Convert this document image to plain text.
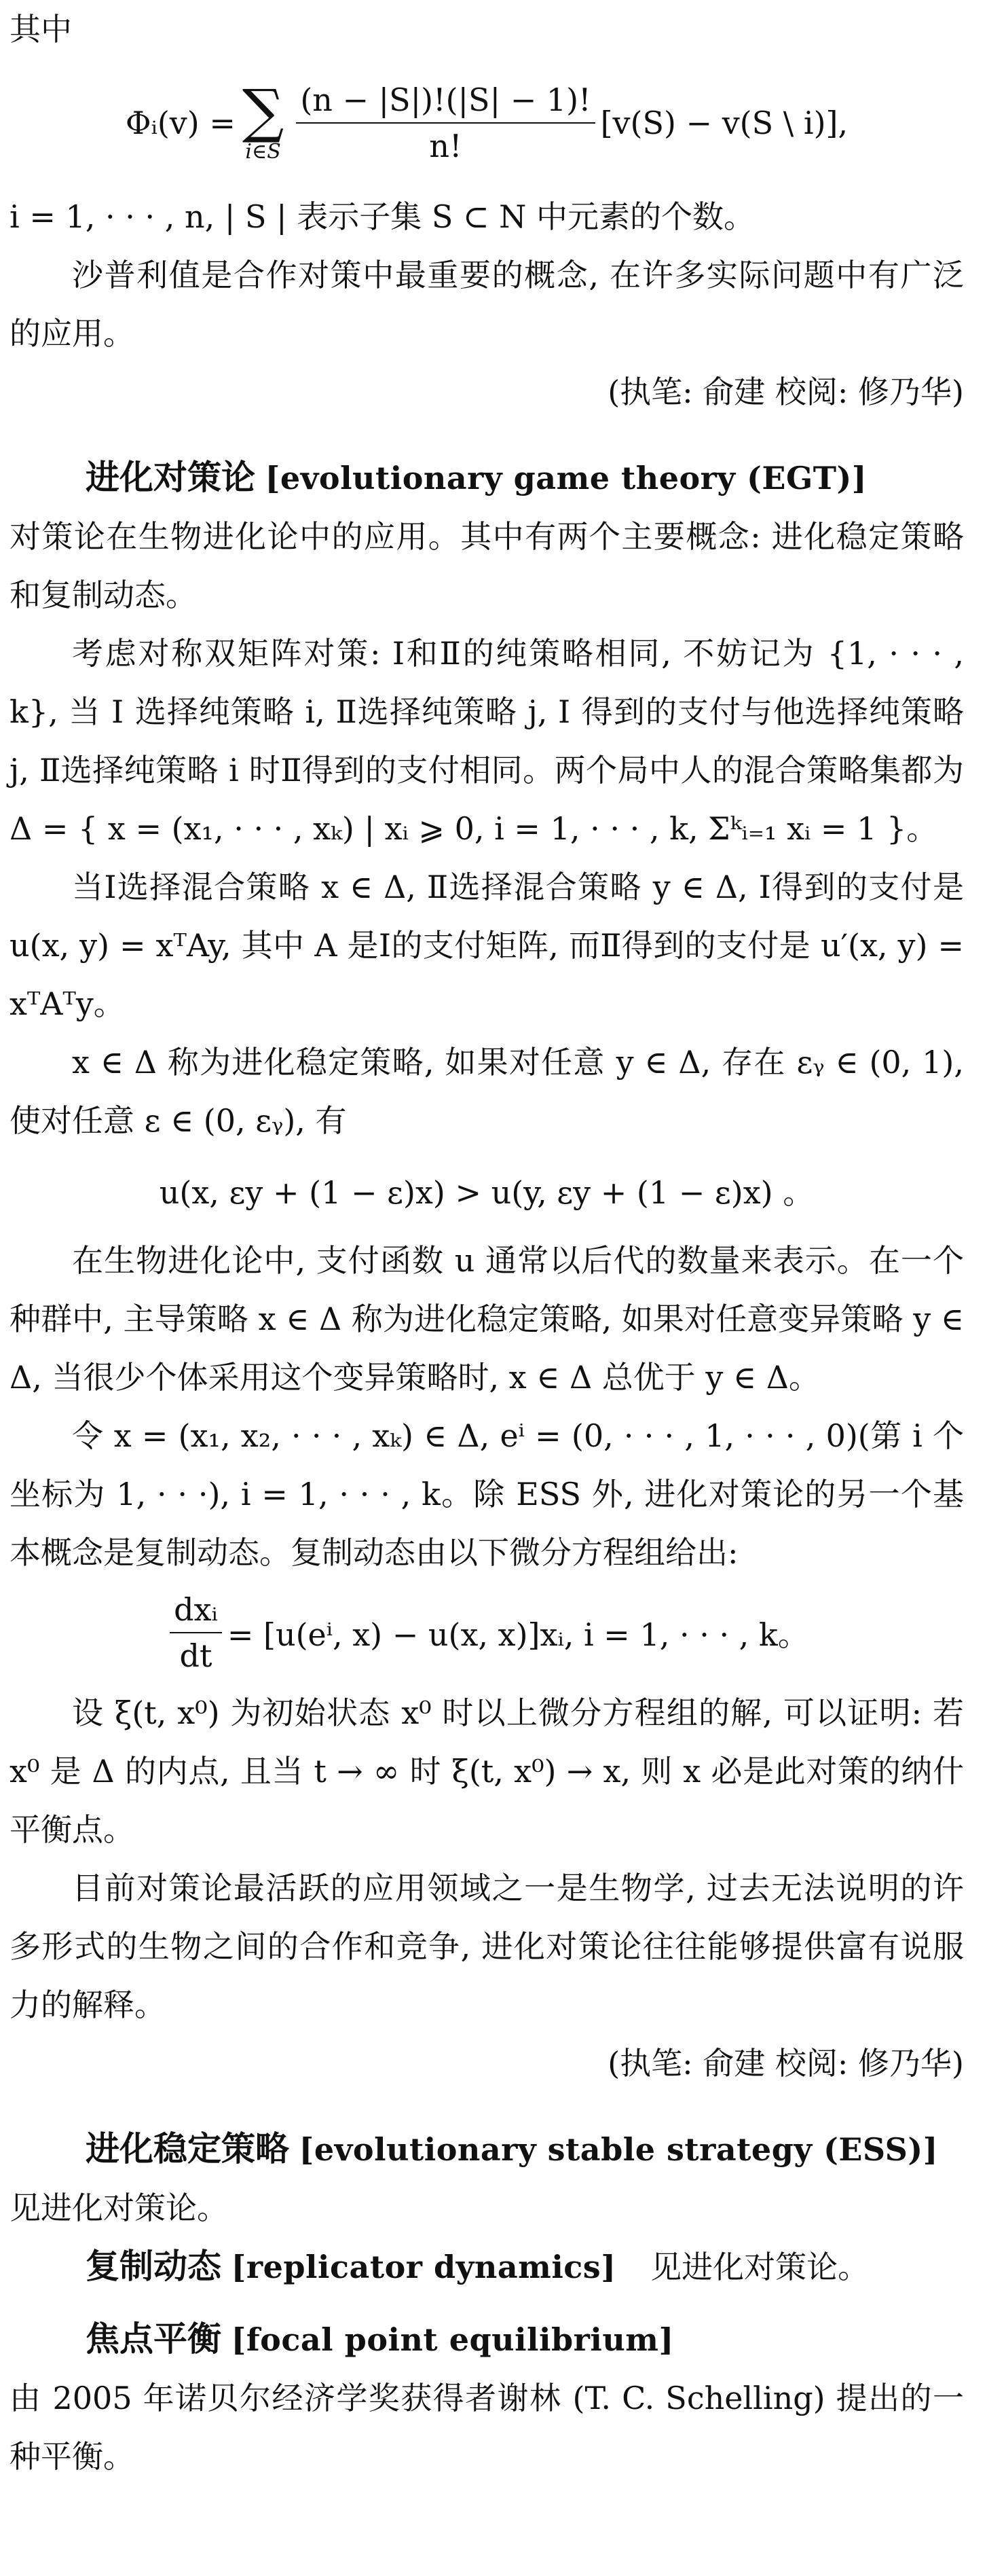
其中

Φᵢ(v) = ∑
i∈S $\frac{(n - |S|)!(|S| - 1)!}{n!} [v(S) - v(S$ \ i)],

i = 1, · · · , n, | S | 表示子集 S ⊂ N 中元素的个数。

沙普利值是合作对策中最重要的概念, 在许多实际问题中有广泛的应用。

(执笔: 俞建 校阅: 修乃华)

进化对策论 [evolutionary game theory (EGT)]

对策论在生物进化论中的应用。其中有两个主要概念: 进化稳定策略和复制动态。

考虑对称双矩阵对策: Ⅰ和Ⅱ的纯策略相同, 不妨记为 {1, · · · , k}, 当 Ⅰ 选择纯策略 i, Ⅱ选择纯策略 j, Ⅰ 得到的支付与他选择纯策略 j, Ⅱ选择纯策略 i 时Ⅱ得到的支付相同。两个局中人的混合策略集都为 Δ = { x = (x₁, · · · , xₖ) | xᵢ ⩾ 0, i = 1, · · · , k, Σᵏᵢ₌₁ xᵢ = 1 }。

当Ⅰ选择混合策略 x ∈ Δ, Ⅱ选择混合策略 y ∈ Δ, Ⅰ得到的支付是 u(x, y) = xᵀAy, 其中 A 是Ⅰ的支付矩阵, 而Ⅱ得到的支付是 u′(x, y) = xᵀAᵀy。

x ∈ Δ 称为进化稳定策略, 如果对任意 y ∈ Δ, 存在 εᵧ ∈ (0, 1), 使对任意 ε ∈ (0, εᵧ), 有

u(x, εy + (1 − ε)x) > u(y, εy + (1 − ε)x) 。

在生物进化论中, 支付函数 u 通常以后代的数量来表示。在一个种群中, 主导策略 x ∈ Δ 称为进化稳定策略, 如果对任意变异策略 y ∈ Δ, 当很少个体采用这个变异策略时, x ∈ Δ 总优于 y ∈ Δ。

令 x = (x₁, x₂, · · · , xₖ) ∈ Δ, eⁱ = (0, · · · , 1, · · · , 0)(第 i 个坐标为 1, · · ·), i = 1, · · · , k。除 ESS 外, 进化对策论的另一个基本概念是复制动态。复制动态由以下微分方程组给出:

$\frac{\text{dxᵢ}}{dt} = [u(e^i$, x) − u(x, x)]xᵢ, i = 1, · · · , k。

设 ξ(t, x⁰) 为初始状态 x⁰ 时以上微分方程组的解, 可以证明: 若 x⁰ 是 Δ 的内点, 且当 t → ∞ 时 ξ(t, x⁰) → x, 则 x 必是此对策的纳什平衡点。

目前对策论最活跃的应用领域之一是生物学, 过去无法说明的许多形式的生物之间的合作和竞争, 进化对策论往往能够提供富有说服力的解释。

(执笔: 俞建 校阅: 修乃华)

进化稳定策略 [evolutionary stable strategy (ESS)]

见进化对策论。

复制动态 [replicator dynamics] 见进化对策论。

焦点平衡 [focal point equilibrium]

由 2005 年诺贝尔经济学奖获得者谢林 (T. C. Schelling) 提出的一种平衡。
